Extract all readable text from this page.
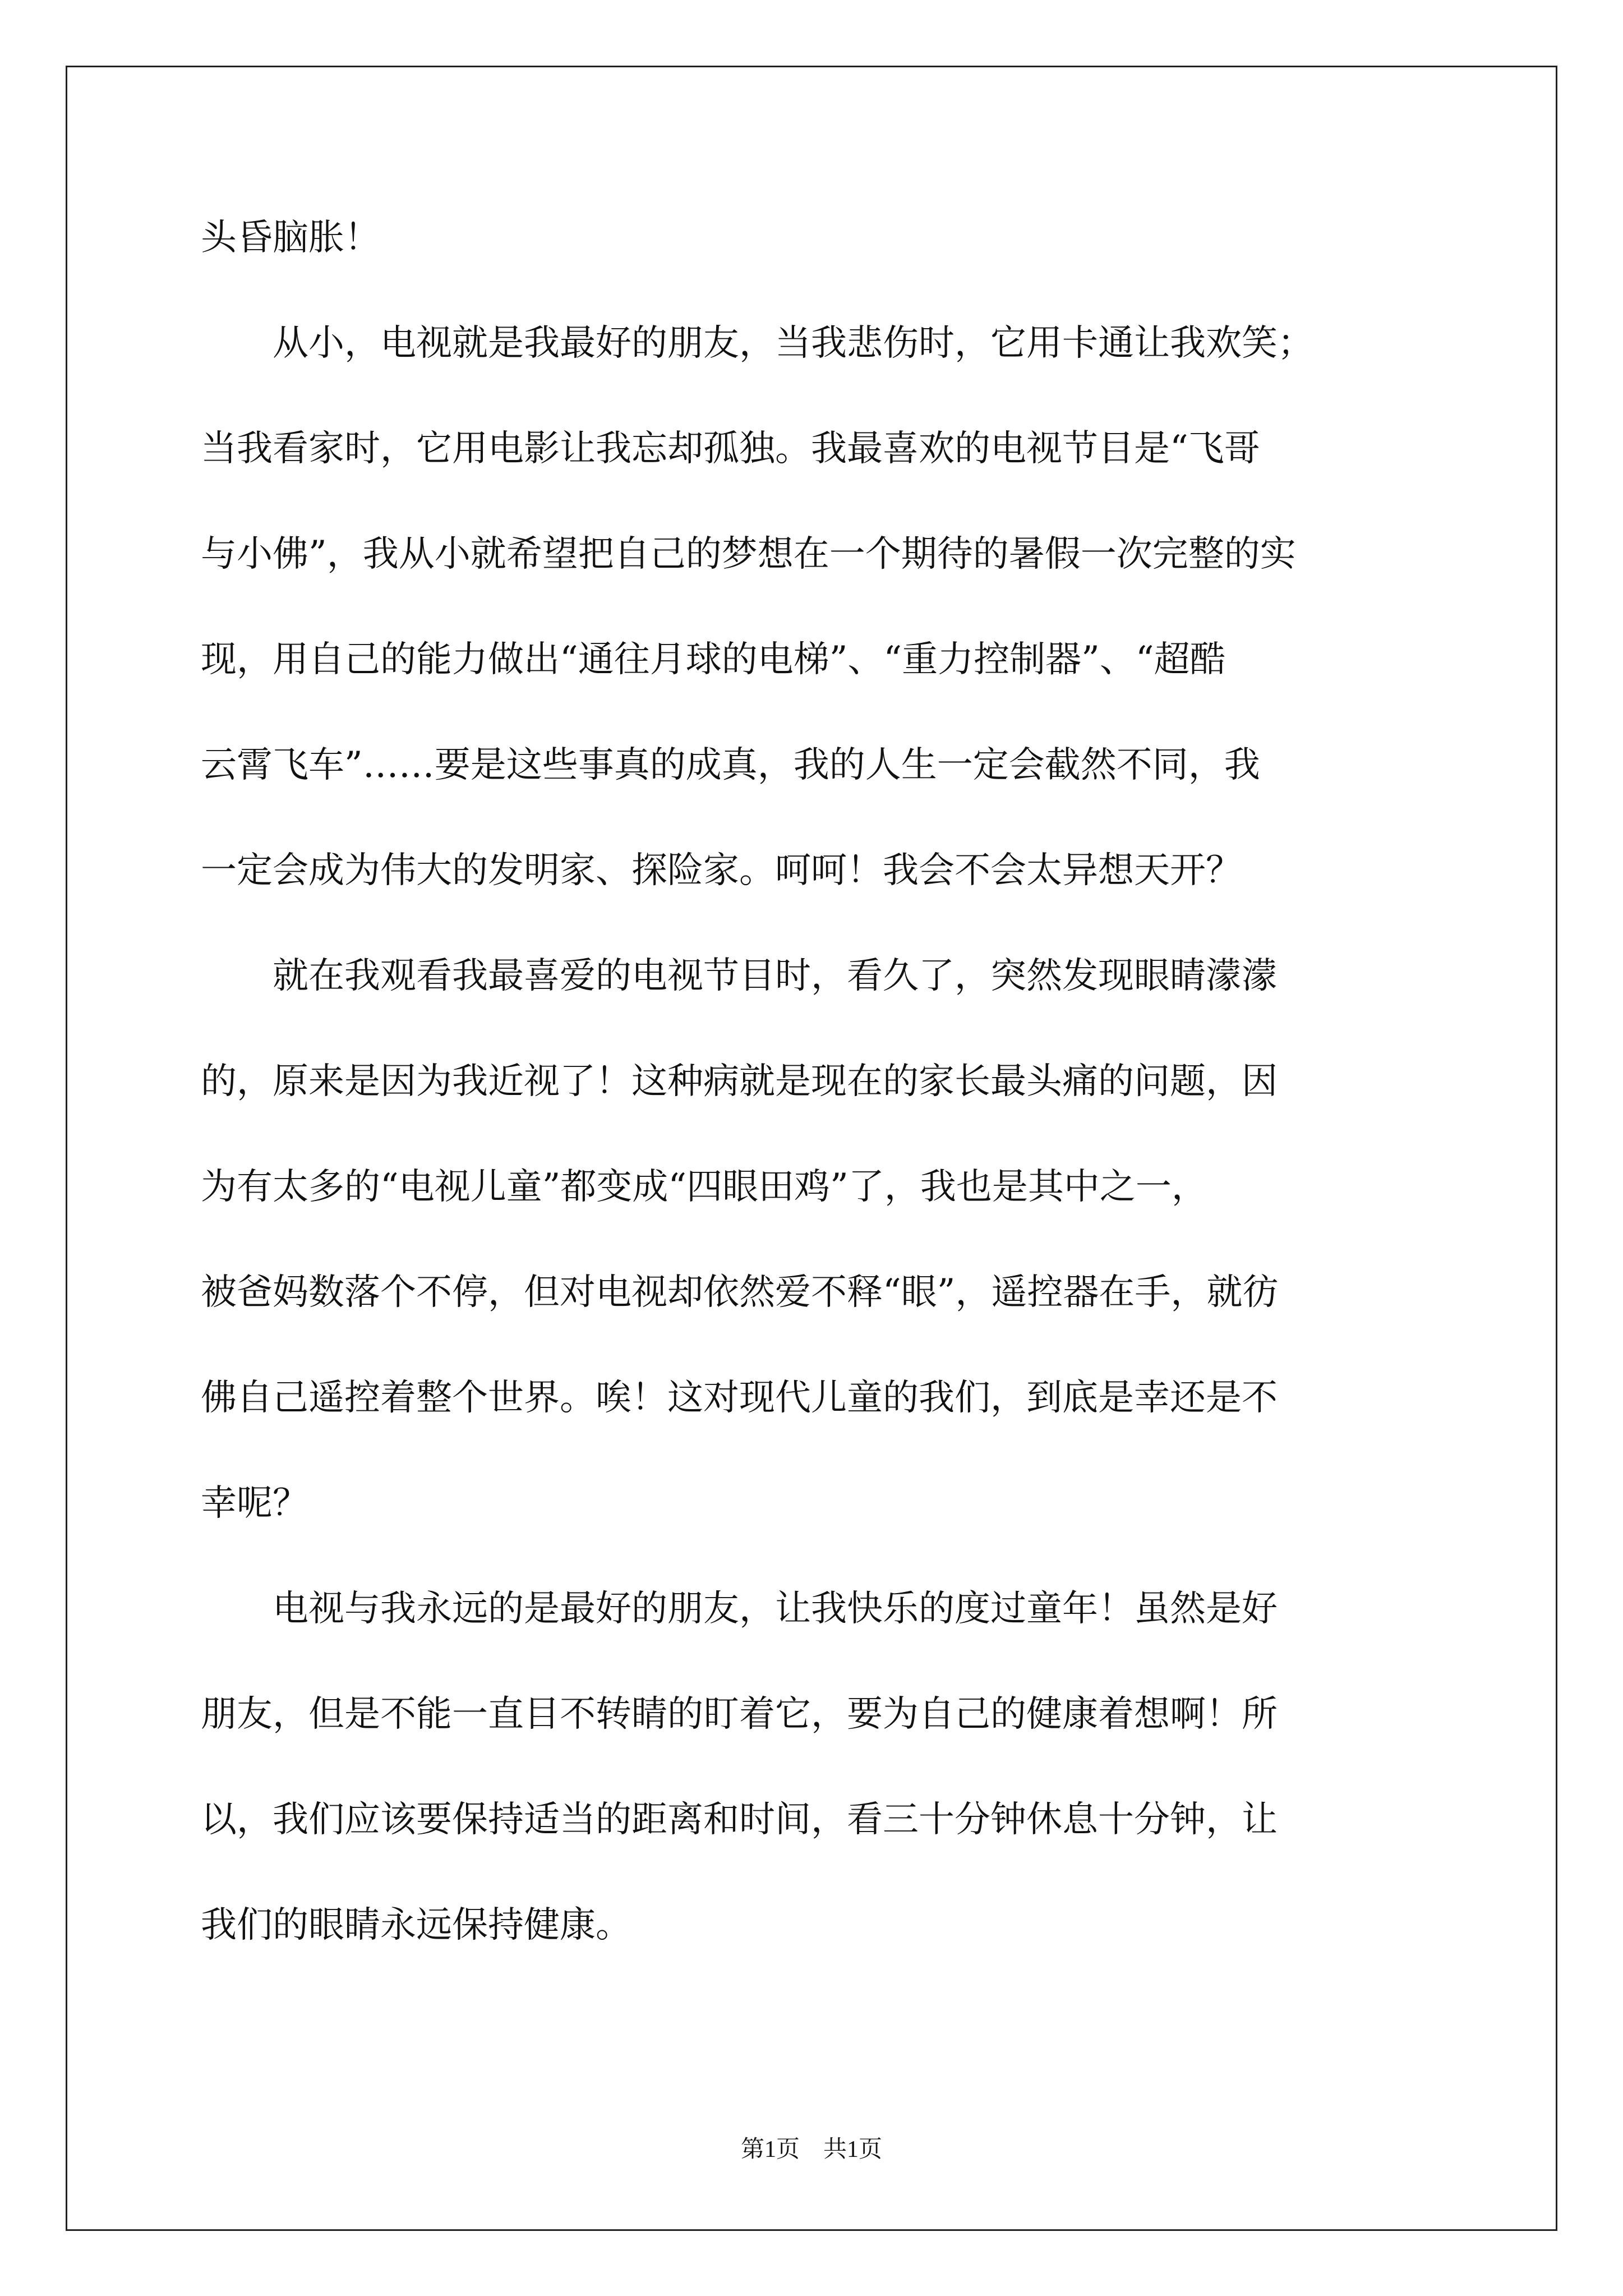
头昏脑胀！
从小，电视就是我最好的朋友，当我悲伤时，它用卡通让我欢笑；
当我看家时，它用电影让我忘却孤独。我最喜欢的电视节目是“飞哥
与小佛”，我从小就希望把自己的梦想在一个期待的暑假一次完整的实
现，用自己的能力做出“通往月球的电梯”、“重力控制器”、“超酷
云霄飞车”……要是这些事真的成真，我的人生一定会截然不同，我
一定会成为伟大的发明家、探险家。呵呵！我会不会太异想天开？
就在我观看我最喜爱的电视节目时，看久了，突然发现眼睛濛濛
的，原来是因为我近视了！这种病就是现在的家长最头痛的问题，因
为有太多的“电视儿童”都变成“四眼田鸡”了，我也是其中之一，
被爸妈数落个不停，但对电视却依然爱不释“眼”，遥控器在手，就彷
佛自己遥控着整个世界。唉！这对现代儿童的我们，到底是幸还是不
幸呢？
电视与我永远的是最好的朋友，让我快乐的度过童年！虽然是好
朋友，但是不能一直目不转睛的盯着它，要为自己的健康着想啊！所
以，我们应该要保持适当的距离和时间，看三十分钟休息十分钟，让
我们的眼睛永远保持健康。
第1页　共1页
